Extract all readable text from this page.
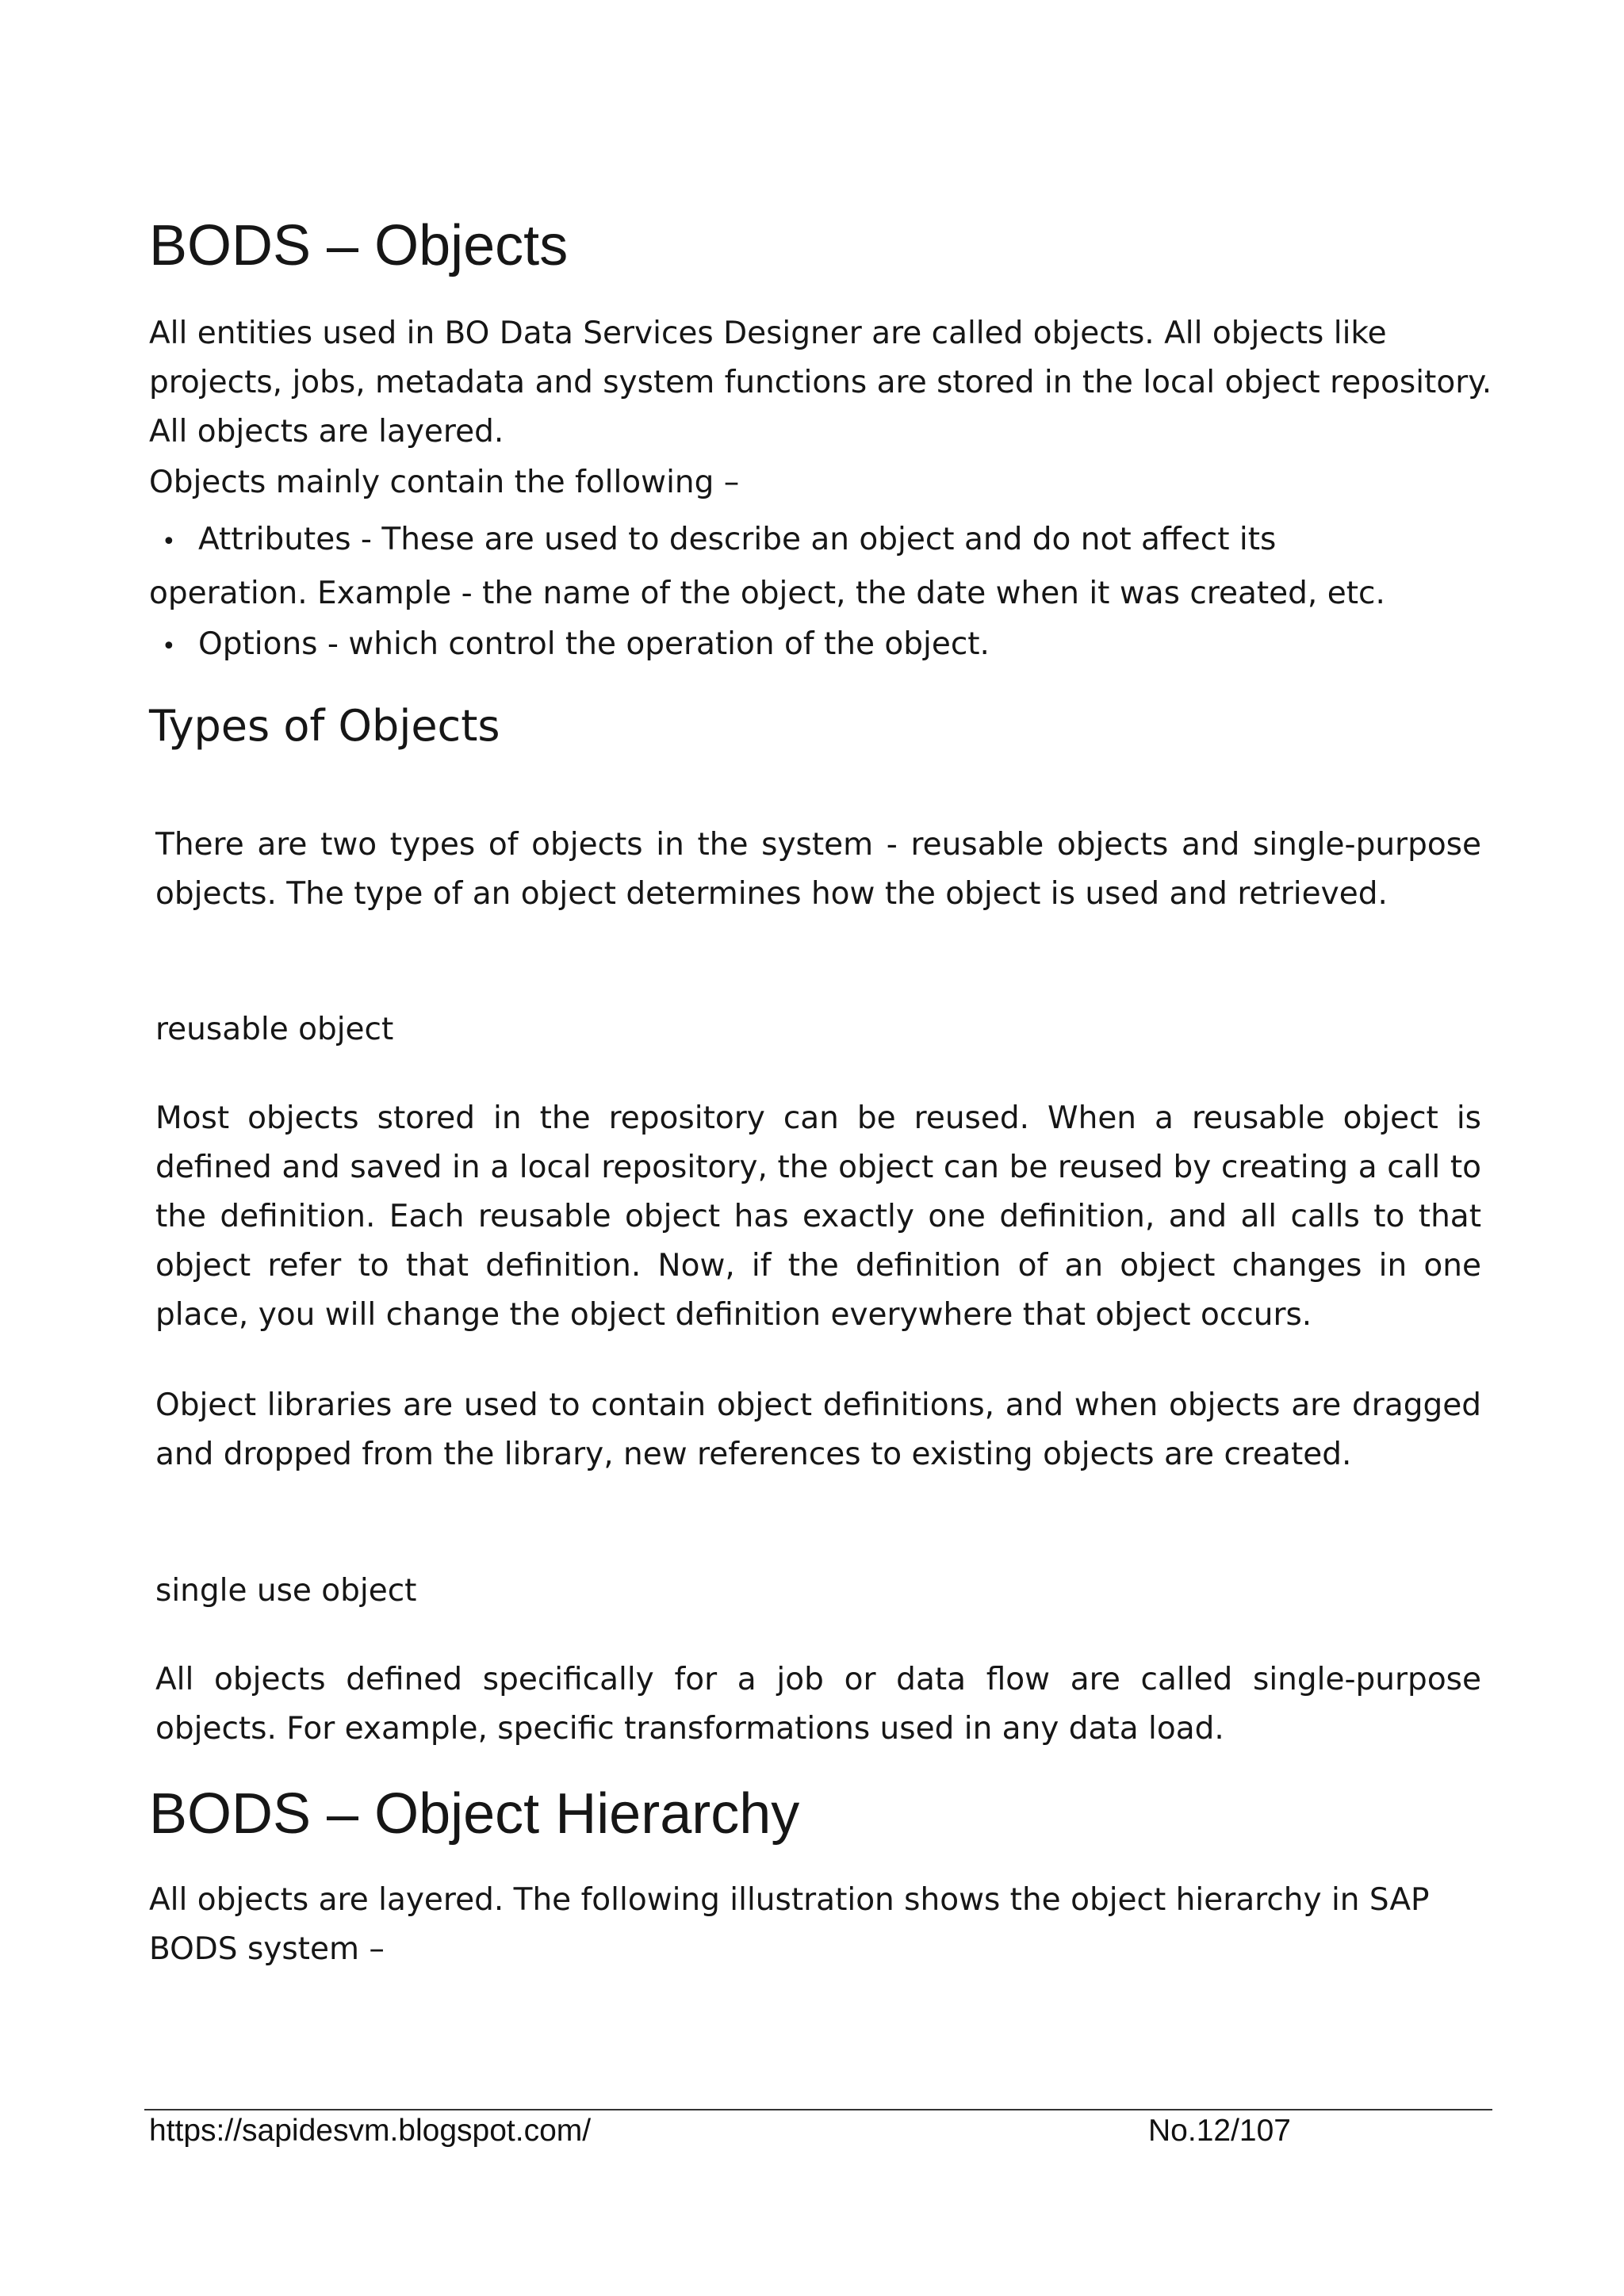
BODS – Objects

All entities used in BO Data Services Designer are called objects. All objects like projects, jobs, metadata and system functions are stored in the local object repository. All objects are layered.

Objects mainly contain the following –

• Attributes - These are used to describe an object and do not affect its

operation. Example - the name of the object, the date when it was created, etc.

• Options - which control the operation of the object.
Types of Objects

There are two types of objects in the system - reusable objects and single-purpose objects. The type of an object determines how the object is used and retrieved.

reusable object

Most objects stored in the repository can be reused. When a reusable object is defined and saved in a local repository, the object can be reused by creating a call to the definition. Each reusable object has exactly one definition, and all calls to that object refer to that definition. Now, if the definition of an object changes in one place, you will change the object definition everywhere that object occurs.

Object libraries are used to contain object definitions, and when objects are dragged and dropped from the library, new references to existing objects are created.

single use object

All objects defined specifically for a job or data flow are called single-purpose objects. For example, specific transformations used in any data load.

BODS – Object Hierarchy

All objects are layered. The following illustration shows the object hierarchy in SAP BODS system –

https://sapidesvm.blogspot.com/	No.12/107
